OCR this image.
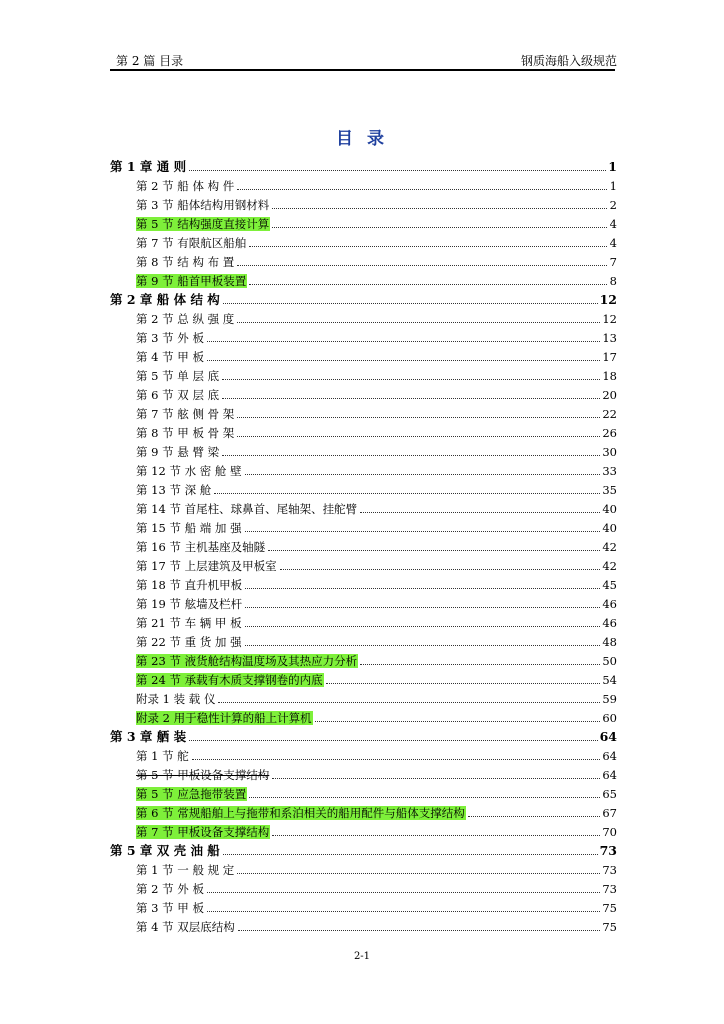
第 2 篇 目录	钢质海船入级规范
目 录
第 1 章 通 则	1
第 2 节 船 体 构 件	1
第 3 节 船体结构用钢材料	2
第 5 节 结构强度直接计算	4
第 7 节 有限航区船舶	4
第 8 节 结 构 布 置	7
第 9 节 船首甲板装置	8
第 2 章 船 体 结 构	12
第 2 节 总 纵 强 度	12
第 3 节 外 板	13
第 4 节 甲 板	17
第 5 节 单 层 底	18
第 6 节 双 层 底	20
第 7 节 舷 侧 骨 架	22
第 8 节 甲 板 骨 架	26
第 9 节 悬 臂 梁	30
第 12 节 水 密 舱 壁	33
第 13 节 深 舱	35
第 14 节 首尾柱、球鼻首、尾轴架、挂舵臂	40
第 15 节 船 端 加 强	40
第 16 节 主机基座及轴隧	42
第 17 节 上层建筑及甲板室	42
第 18 节 直升机甲板	45
第 19 节 舷墙及栏杆	46
第 21 节 车 辆 甲 板	46
第 22 节 重 货 加 强	48
第 23 节 液货舱结构温度场及其热应力分析	50
第 24 节 承载有木质支撑钢卷的内底	54
附录 1 装 载 仪	59
附录 2 用于稳性计算的船上计算机	60
第 3 章 舾 装	64
第 1 节 舵	64
第 5 节 甲板设备支撑结构	64
第 5 节 应急拖带装置	65
第 6 节 常规船舶上与拖带和系泊相关的船用配件与船体支撑结构	67
第 7 节 甲板设备支撑结构	70
第 5 章 双 壳 油 船	73
第 1 节 一 般 规 定	73
第 2 节 外 板	73
第 3 节 甲 板	75
第 4 节 双层底结构	75
2-1
